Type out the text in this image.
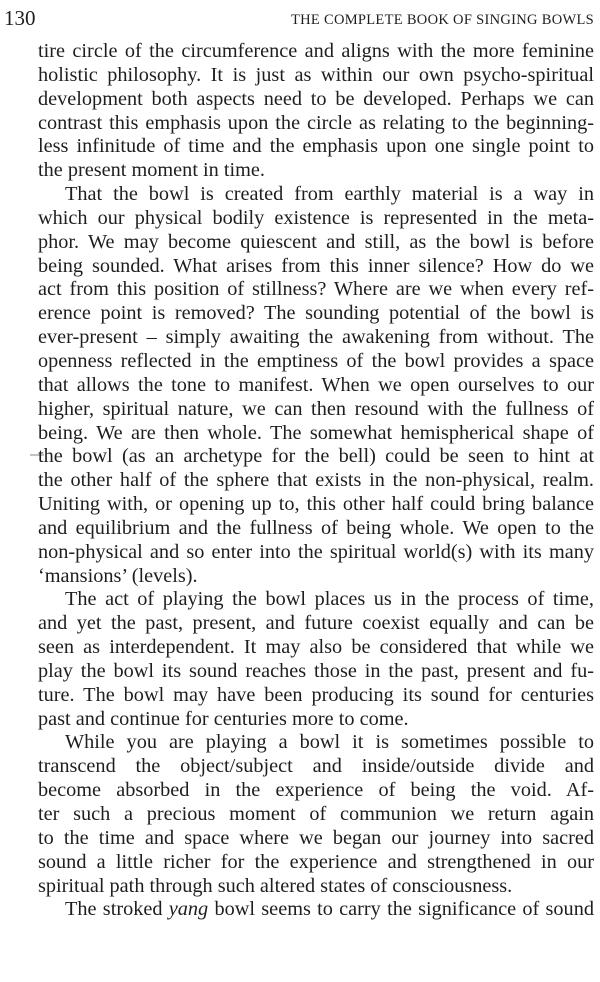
130	THE COMPLETE BOOK OF SINGING BOWLS
tire circle of the circumference and aligns with the more feminine
holistic philosophy. It is just as within our own psycho-spiritual
development both aspects need to be developed. Perhaps we can
contrast this emphasis upon the circle as relating to the beginning-
less infinitude of time and the emphasis upon one single point to
the present moment in time.
That the bowl is created from earthly material is a way in
which our physical bodily existence is represented in the meta-
phor. We may become quiescent and still, as the bowl is before
being sounded. What arises from this inner silence? How do we
act from this position of stillness? Where are we when every ref-
erence point is removed? The sounding potential of the bowl is
ever-present – simply awaiting the awakening from without. The
openness reflected in the emptiness of the bowl provides a space
that allows the tone to manifest. When we open ourselves to our
higher, spiritual nature, we can then resound with the fullness of
being. We are then whole. The somewhat hemispherical shape of
the bowl (as an archetype for the bell) could be seen to hint at
the other half of the sphere that exists in the non-physical, realm.
Uniting with, or opening up to, this other half could bring balance
and equilibrium and the fullness of being whole. We open to the
non-physical and so enter into the spiritual world(s) with its many
‘mansions’ (levels).
The act of playing the bowl places us in the process of time,
and yet the past, present, and future coexist equally and can be
seen as interdependent. It may also be considered that while we
play the bowl its sound reaches those in the past, present and fu-
ture. The bowl may have been producing its sound for centuries
past and continue for centuries more to come.
While you are playing a bowl it is sometimes possible to
transcend the object/subject and inside/outside divide and
become absorbed in the experience of being the void. Af-
ter such a precious moment of communion we return again
to the time and space where we began our journey into sacred
sound a little richer for the experience and strengthened in our
spiritual path through such altered states of consciousness.
The stroked yang bowl seems to carry the significance of sound
